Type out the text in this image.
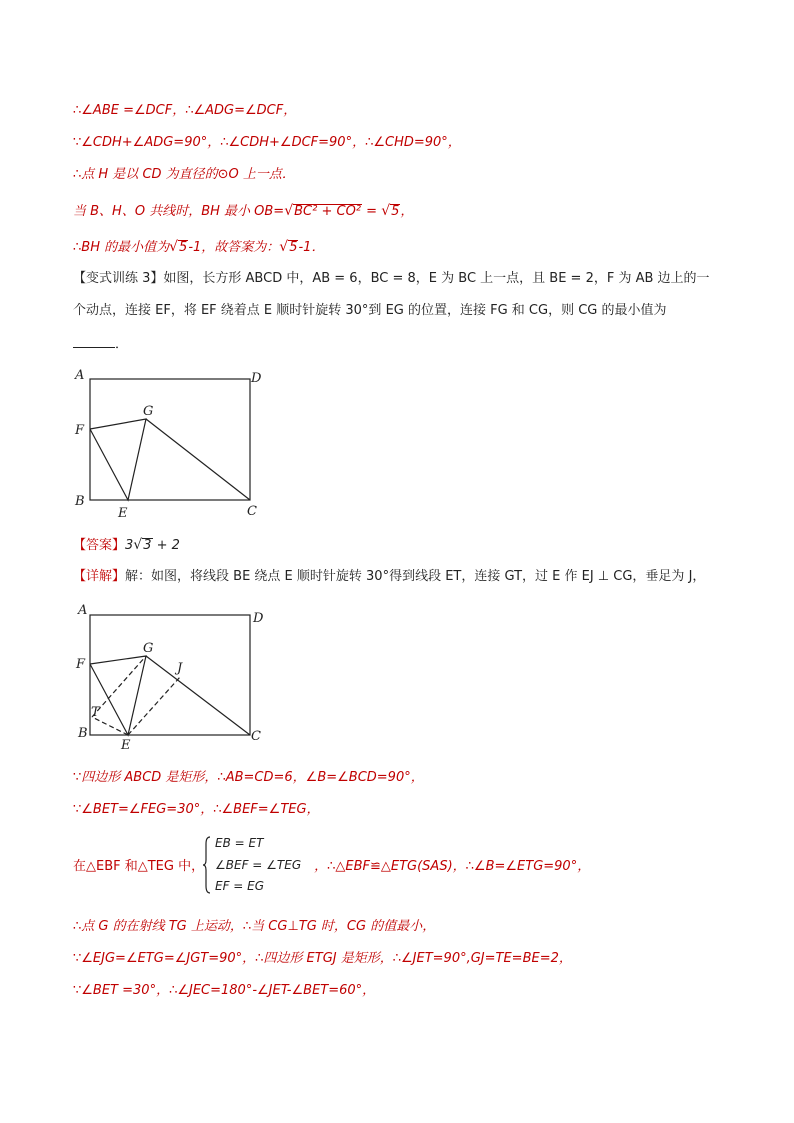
∴∠ABE =∠DCF，∴∠ADG=∠DCF，
∵∠CDH+∠ADG=90°，∴∠CDH+∠DCF=90°，∴∠CHD=90°，
∴点 H 是以 CD 为直径的⊙O 上一点．
当 B、H、O 共线时，BH 最小 OB=√BC² + CO² = √5，
∴BH 的最小值为√5-1，故答案为：√5-1．
【变式训练 3】如图，长方形 ABCD 中，AB = 6，BC = 8，E 为 BC 上一点，且 BE = 2，F 为 AB 边上的一
个动点，连接 EF，将 EF 绕着点 E 顺时针旋转 30°到 EG 的位置，连接 FG 和 CG，则 CG 的最小值为
．
A	D
G
F
B
E	C
【答案】3√3 + 2
【详解】解：如图，将线段 BE 绕点 E 顺时针旋转 30°得到线段 ET，连接 GT，过 E 作 EJ ⊥ CG，垂足为 J，
A
D
G
J
F
T
B
E
C
∵四边形 ABCD 是矩形，∴AB=CD=6，∠B=∠BCD=90°，
∵∠BET=∠FEG=30°，∴∠BEF=∠TEG，
在△EBF 和△TEG 中，	，∴△EBF≌△ETG(SAS)，∴∠B=∠ETG=90°，
EB = ET
∠BEF = ∠TEG
EF = EG
∴点 G 的在射线 TG 上运动，∴当 CG⊥TG 时，CG 的值最小，
∵∠EJG=∠ETG=∠JGT=90°，∴四边形 ETGJ 是矩形，∴∠JET=90°,GJ=TE=BE=2，
∵∠BET =30°，∴∠JEC=180°-∠JET-∠BET=60°，
